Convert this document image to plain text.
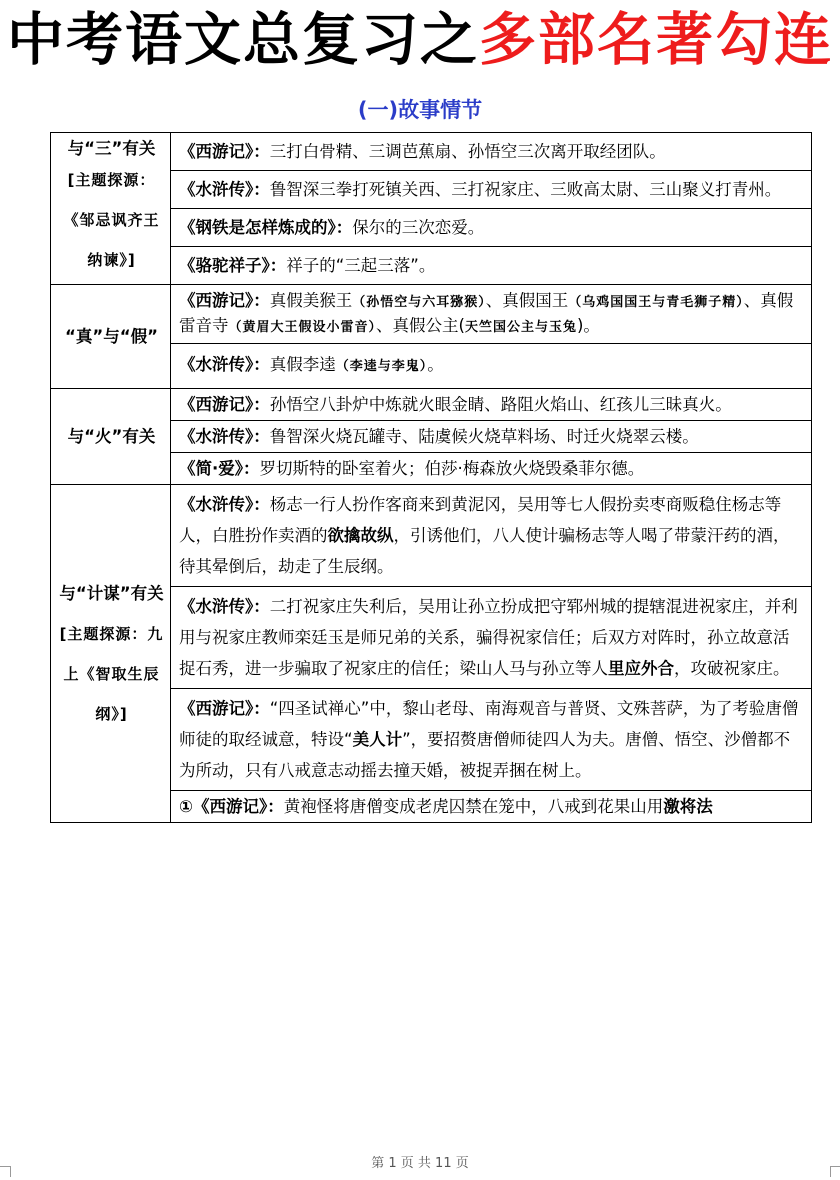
中考语文总复习之多部名著勾连
(一)故事情节
与“三”有关
[主题探源：《邹忌讽齐王纳谏》]	《西游记》：三打白骨精、三调芭蕉扇、孙悟空三次离开取经团队。
	《水浒传》：鲁智深三拳打死镇关西、三打祝家庄、三败高太尉、三山聚义打青州。
	《钢铁是怎样炼成的》：保尔的三次恋爱。
	《骆驼祥子》：祥子的“三起三落”。

“真”与“假”	《西游记》：真假美猴王（孙悟空与六耳猕猴）、真假国王（乌鸡国国王与青毛狮子精）、真假雷音寺（黄眉大王假设小雷音）、真假公主(天竺国公主与玉兔)。
	《水浒传》：真假李逵（李逵与李鬼）。

与“火”有关	《西游记》：孙悟空八卦炉中炼就火眼金睛、路阻火焰山、红孩儿三昧真火。
	《水浒传》：鲁智深火烧瓦罐寺、陆虞候火烧草料场、时迁火烧翠云楼。
	《简·爱》：罗切斯特的卧室着火；伯莎·梅森放火烧毁桑菲尔德。

与“计谋”有关
[主题探源：九上《智取生辰纲》]	《水浒传》：杨志一行人扮作客商来到黄泥冈，吴用等七人假扮卖枣商贩稳住杨志等人，白胜扮作卖酒的欲擒故纵，引诱他们，八人使计骗杨志等人喝了带蒙汗药的酒，待其晕倒后，劫走了生辰纲。
	《水浒传》：二打祝家庄失利后，吴用让孙立扮成把守郓州城的提辖混进祝家庄，并利用与祝家庄教师栾廷玉是师兄弟的关系，骗得祝家信任；后双方对阵时，孙立故意活捉石秀，进一步骗取了祝家庄的信任；梁山人马与孙立等人里应外合，攻破祝家庄。
	《西游记》：“四圣试禅心”中，黎山老母、南海观音与普贤、文殊菩萨，为了考验唐僧师徒的取经诚意，特设“美人计”，要招赘唐僧师徒四人为夫。唐僧、悟空、沙僧都不为所动，只有八戒意志动摇去撞天婚，被捉弄捆在树上。
	①《西游记》：黄袍怪将唐僧变成老虎囚禁在笼中，八戒到花果山用激将法
第 1 页 共 11 页
